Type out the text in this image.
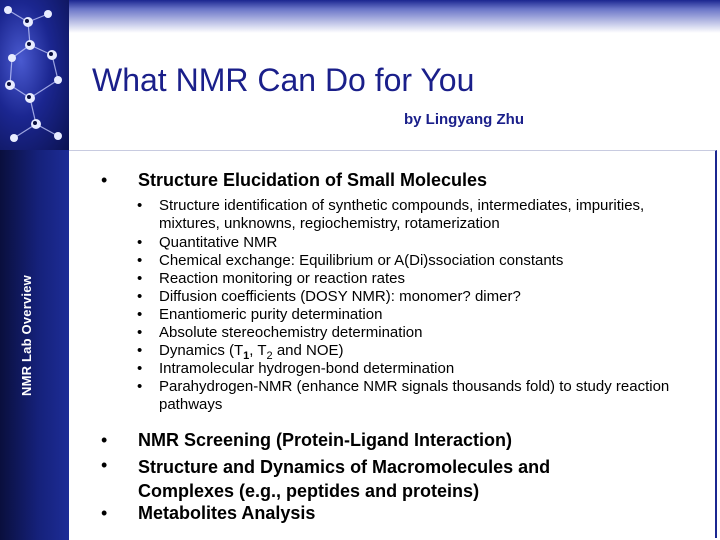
NMR Lab Overview
What NMR Can Do for You
by Lingyang Zhu
• Structure Elucidation of Small Molecules
• Structure identification of synthetic compounds, intermediates, impurities, mixtures, unknowns, regiochemistry, rotamerization
• Quantitative NMR
• Chemical exchange: Equilibrium or A(Di)ssociation constants
• Reaction monitoring or reaction rates
• Diffusion coefficients (DOSY NMR): monomer? dimer?
• Enantiomeric purity determination
• Absolute stereochemistry determination
• Dynamics ($T_1$, $T_2$ and NOE)
• Intramolecular hydrogen-bond determination
• Parahydrogen-NMR (enhance NMR signals thousands fold) to study reaction pathways
• NMR Screening (Protein-Ligand Interaction)
• Structure and Dynamics of Macromolecules and Complexes (e.g., peptides and proteins)
• Metabolites Analysis
